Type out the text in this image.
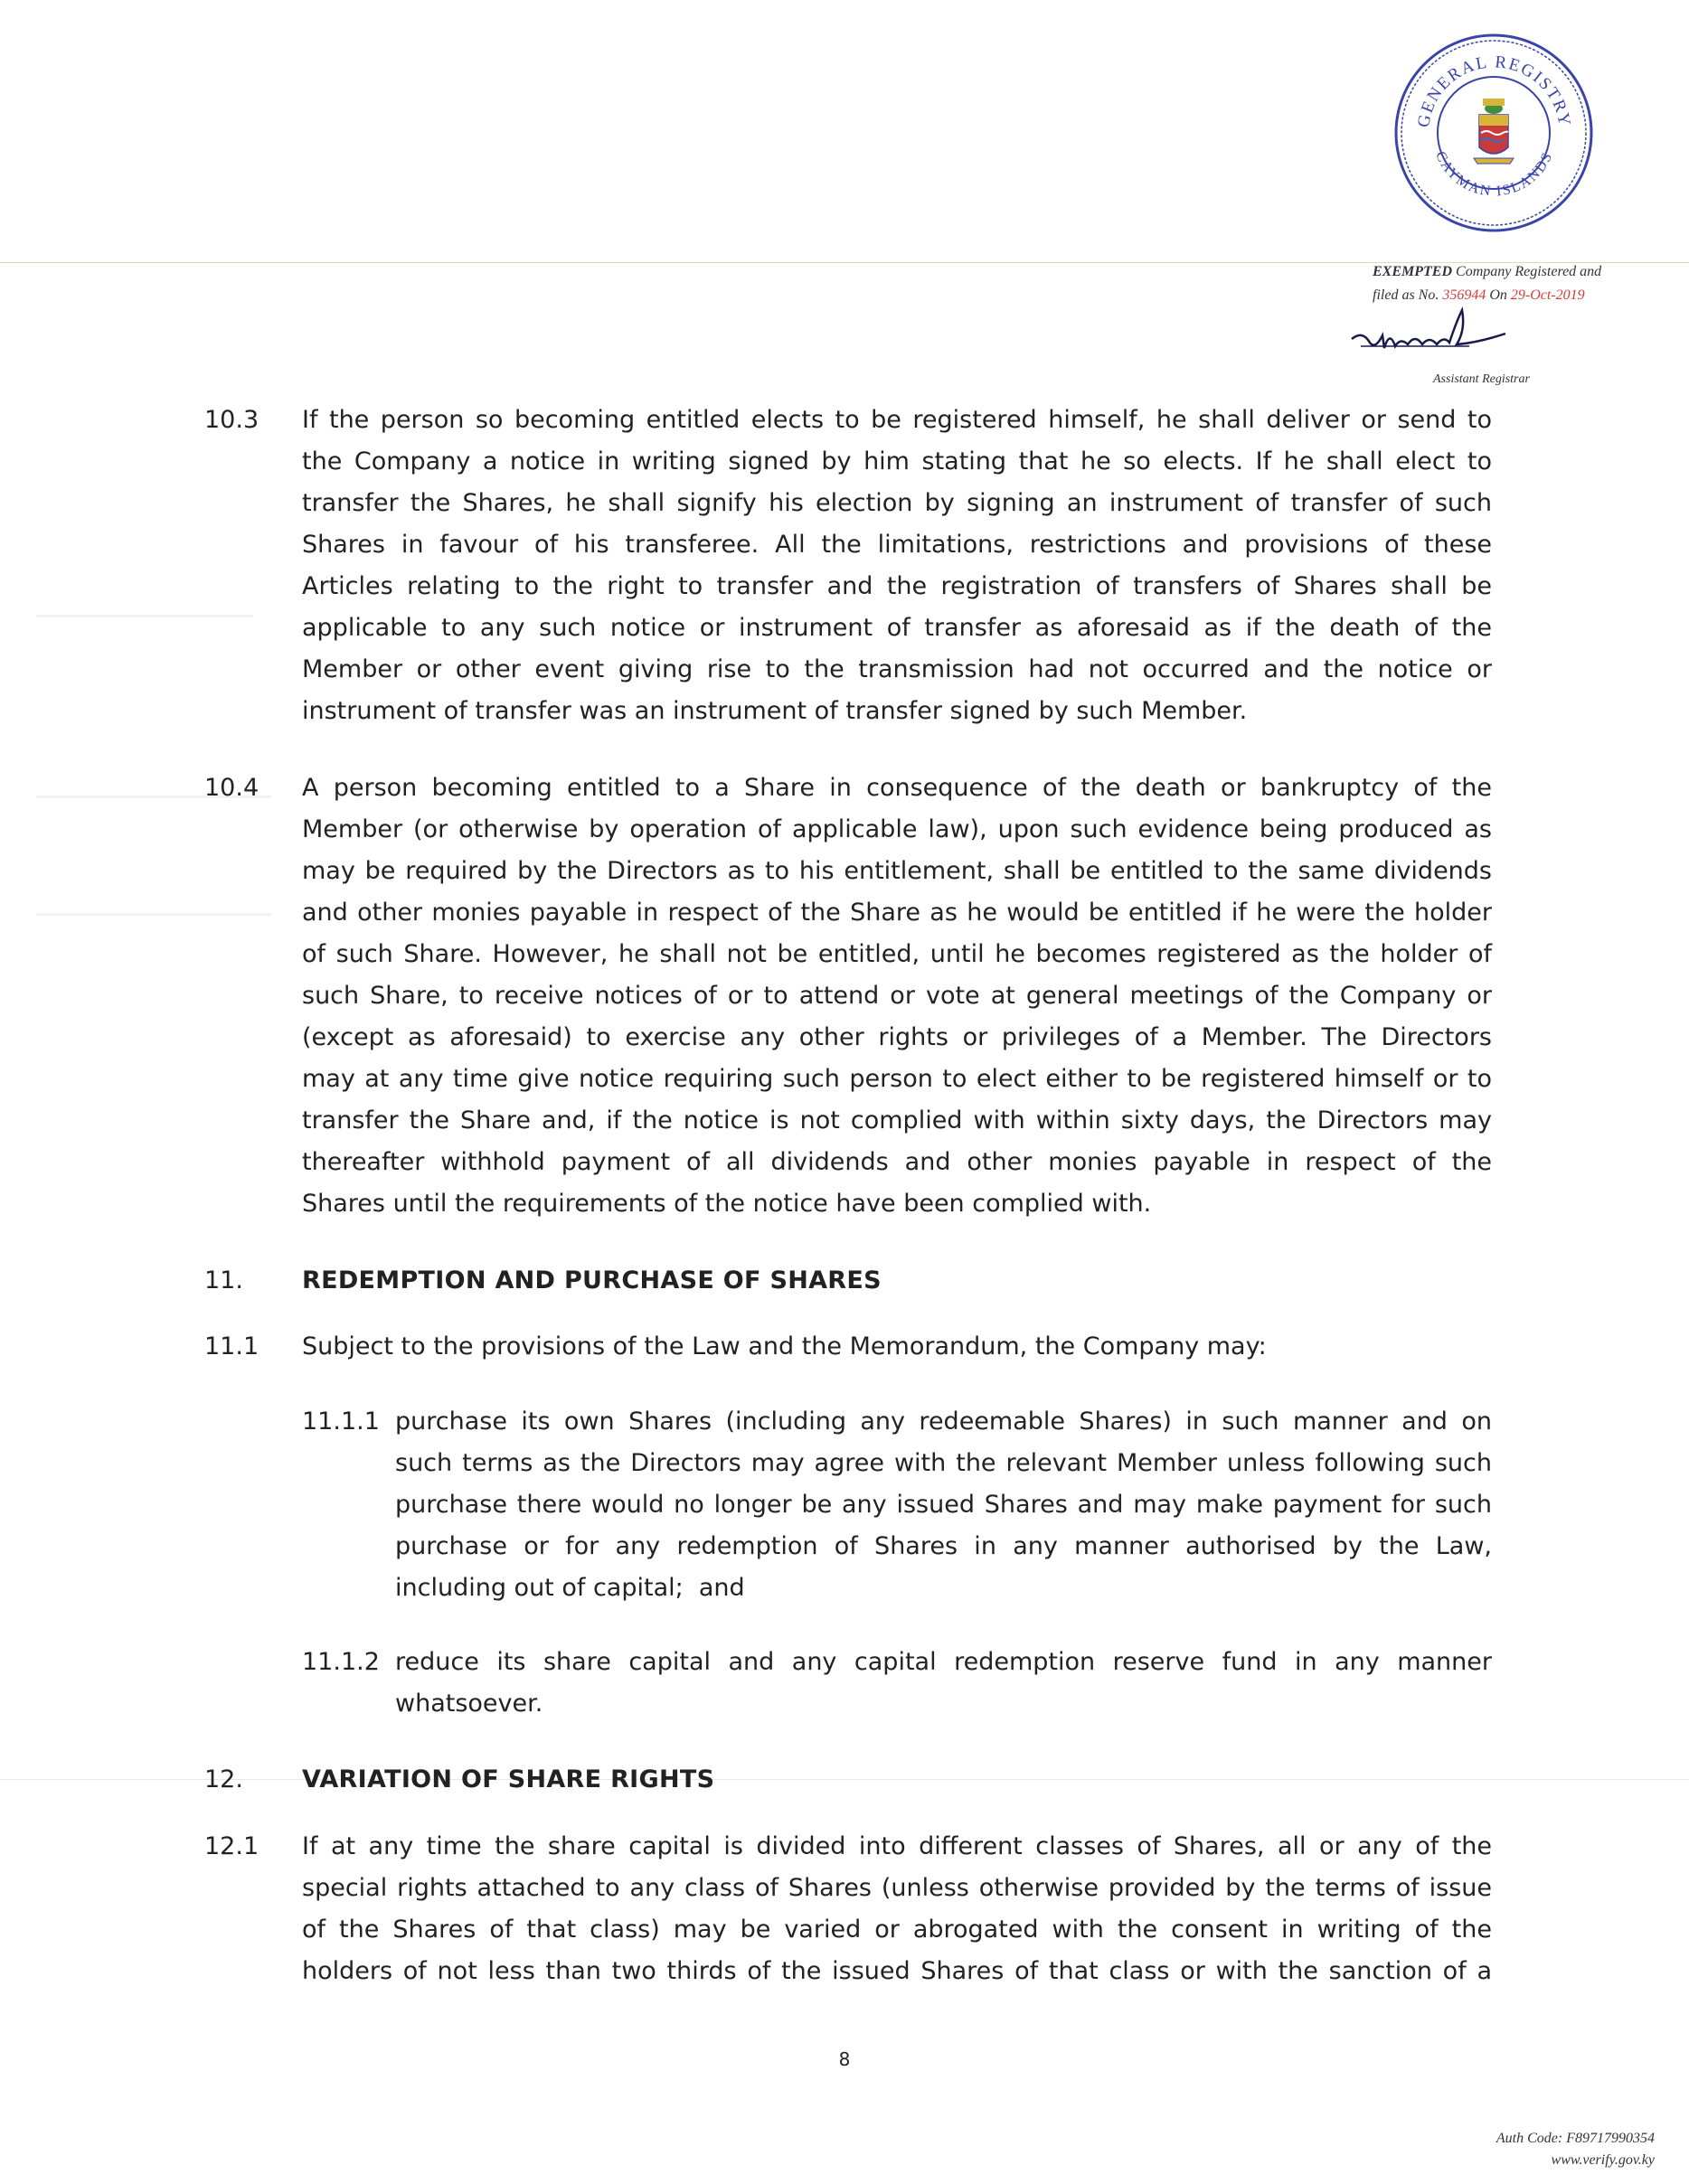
GENERAL REGISTRY
CAYMAN ISLANDS
EXEMPTED Company Registered and
filed as No. 356944 On 29-Oct-2019
Assistant Registrar
10.3 If the person so becoming entitled elects to be registered himself, he shall deliver or send to
the Company a notice in writing signed by him stating that he so elects. If he shall elect to
transfer the Shares, he shall signify his election by signing an instrument of transfer of such
Shares in favour of his transferee. All the limitations, restrictions and provisions of these
Articles relating to the right to transfer and the registration of transfers of Shares shall be
applicable to any such notice or instrument of transfer as aforesaid as if the death of the
Member or other event giving rise to the transmission had not occurred and the notice or
instrument of transfer was an instrument of transfer signed by such Member.
10.4 A person becoming entitled to a Share in consequence of the death or bankruptcy of the
Member (or otherwise by operation of applicable law), upon such evidence being produced as
may be required by the Directors as to his entitlement, shall be entitled to the same dividends
and other monies payable in respect of the Share as he would be entitled if he were the holder
of such Share. However, he shall not be entitled, until he becomes registered as the holder of
such Share, to receive notices of or to attend or vote at general meetings of the Company or
(except as aforesaid) to exercise any other rights or privileges of a Member. The Directors
may at any time give notice requiring such person to elect either to be registered himself or to
transfer the Share and, if the notice is not complied with within sixty days, the Directors may
thereafter withhold payment of all dividends and other monies payable in respect of the
Shares until the requirements of the notice have been complied with.
11. REDEMPTION AND PURCHASE OF SHARES
11.1 Subject to the provisions of the Law and the Memorandum, the Company may:
11.1.1 purchase its own Shares (including any redeemable Shares) in such manner and on
such terms as the Directors may agree with the relevant Member unless following such
purchase there would no longer be any issued Shares and may make payment for such
purchase or for any redemption of Shares in any manner authorised by the Law,
including out of capital;  and
11.1.2 reduce its share capital and any capital redemption reserve fund in any manner
whatsoever.
12. VARIATION OF SHARE RIGHTS
12.1 If at any time the share capital is divided into different classes of Shares, all or any of the
special rights attached to any class of Shares (unless otherwise provided by the terms of issue
of the Shares of that class) may be varied or abrogated with the consent in writing of the
holders of not less than two thirds of the issued Shares of that class or with the sanction of a
8
Auth Code: F89717990354
www.verify.gov.ky
